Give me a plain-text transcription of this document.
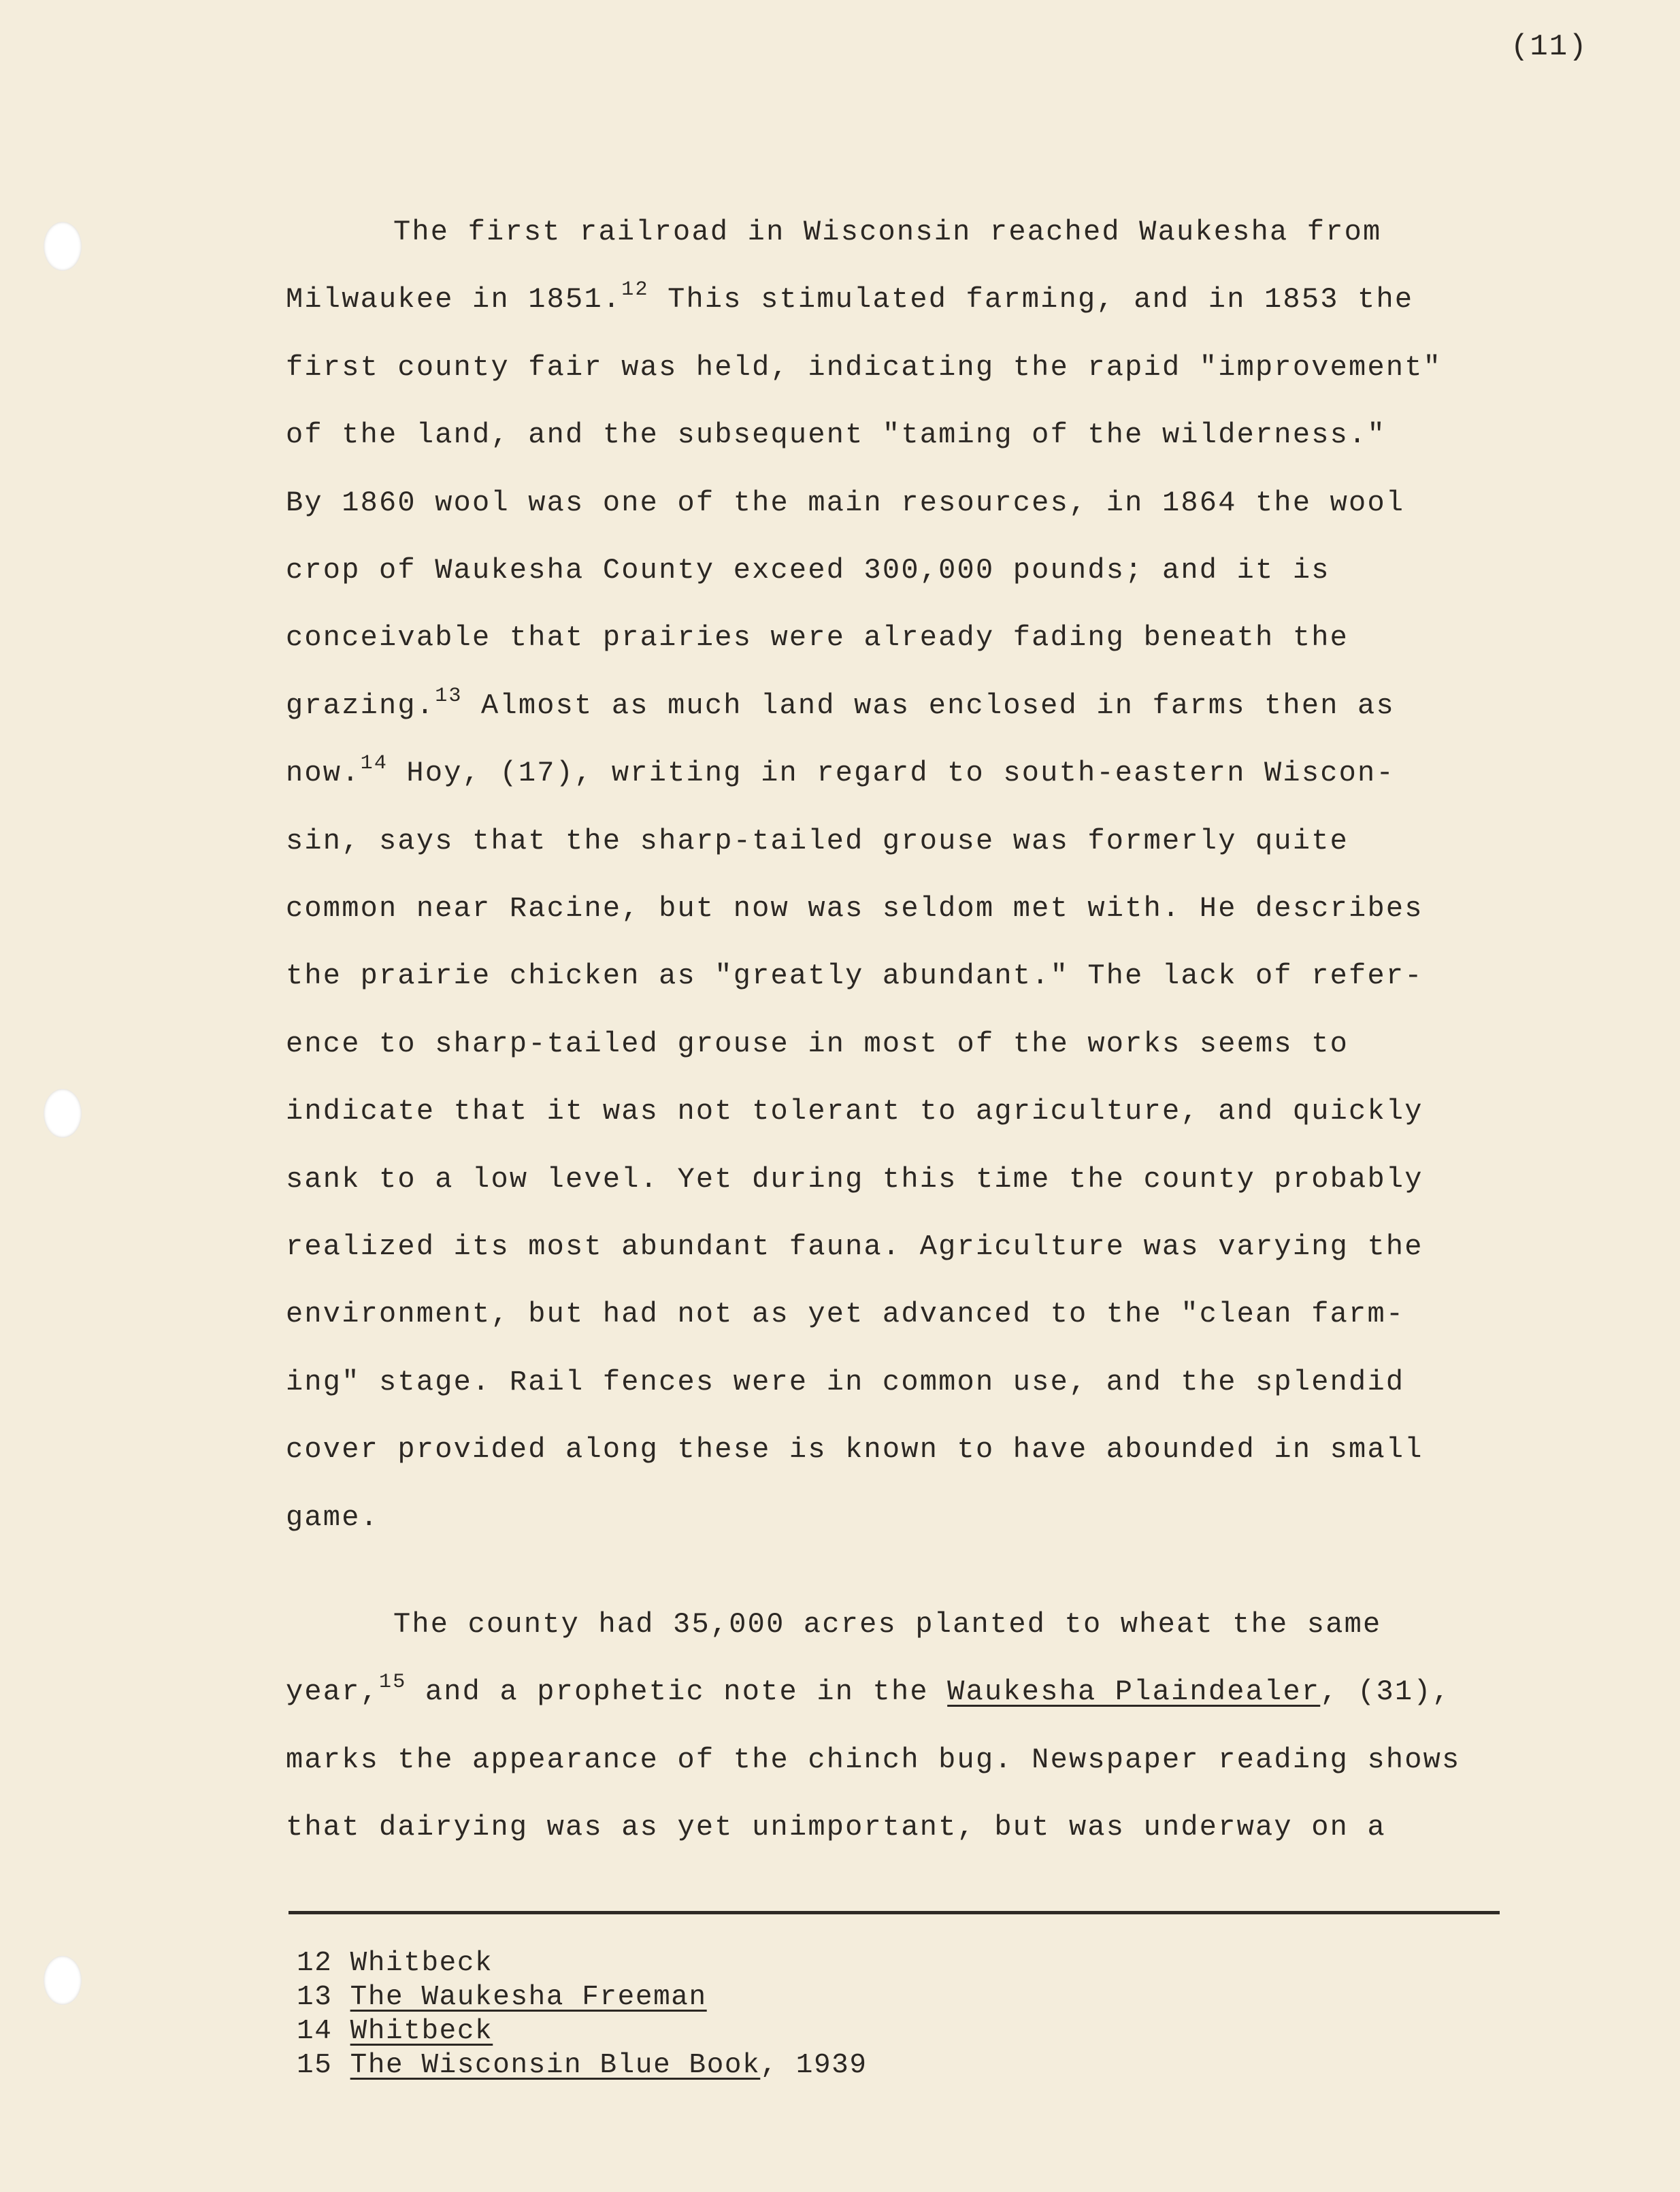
(11)
The first railroad in Wisconsin reached Waukesha from
Milwaukee in 1851.12 This stimulated farming, and in 1853 the
first county fair was held, indicating the rapid "improvement"
of the land, and the subsequent "taming of the wilderness."
By 1860 wool was one of the main resources, in 1864 the wool
crop of Waukesha County exceed 300,000 pounds; and it is
conceivable that prairies were already fading beneath the
grazing.$^{13}$ Almost as much land was enclosed in farms then as
now.$^{14}$ Hoy, (17), writing in regard to south-eastern Wiscon-
sin, says that the sharp-tailed grouse was formerly quite
common near Racine, but now was seldom met with. He describes
the prairie chicken as "greatly abundant." The lack of refer-
ence to sharp-tailed grouse in most of the works seems to
indicate that it was not tolerant to agriculture, and quickly
sank to a low level. Yet during this time the county probably
realized its most abundant fauna. Agriculture was varying the
environment, but had not as yet advanced to the "clean farm-
ing" stage. Rail fences were in common use, and the splendid
cover provided along these is known to have abounded in small
game.
The county had 35,000 acres planted to wheat the same
year,$^{15}$ and a prophetic note in the Waukesha Plaindealer, (31),
marks the appearance of the chinch bug. Newspaper reading shows
that dairying was as yet unimportant, but was underway on a
12 Whitbeck
13 The Waukesha Freeman
14 Whitbeck
15 The Wisconsin Blue Book, 1939
